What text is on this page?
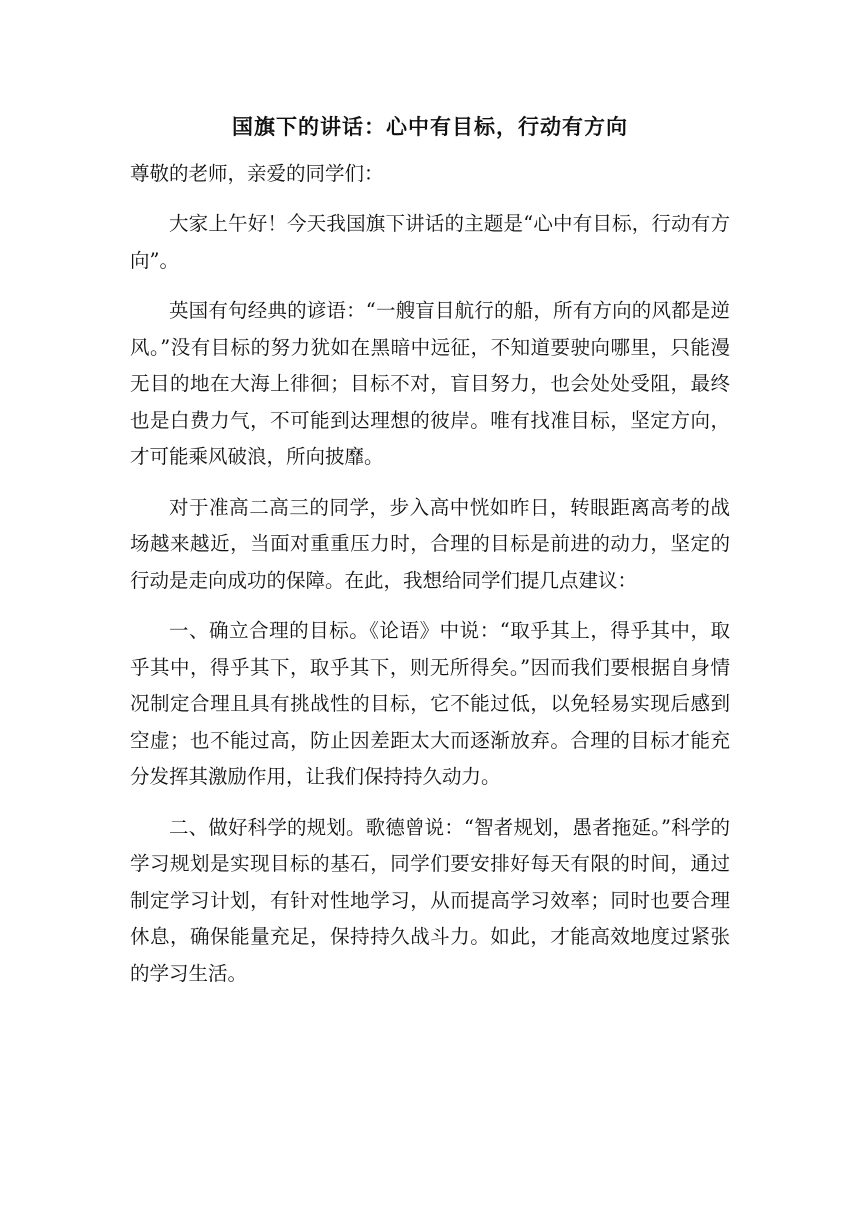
国旗下的讲话：心中有目标，行动有方向

尊敬的老师，亲爱的同学们：

大家上午好！今天我国旗下讲话的主题是“心中有目标，行动有方向”。

英国有句经典的谚语：“一艘盲目航行的船，所有方向的风都是逆风。”没有目标的努力犹如在黑暗中远征，不知道要驶向哪里，只能漫无目的地在大海上徘徊；目标不对，盲目努力，也会处处受阻，最终也是白费力气，不可能到达理想的彼岸。唯有找准目标，坚定方向，才可能乘风破浪，所向披靡。

对于准高二高三的同学，步入高中恍如昨日，转眼距离高考的战场越来越近，当面对重重压力时，合理的目标是前进的动力，坚定的行动是走向成功的保障。在此，我想给同学们提几点建议：

一、确立合理的目标。《论语》中说：“取乎其上，得乎其中，取乎其中，得乎其下，取乎其下，则无所得矣。”因而我们要根据自身情况制定合理且具有挑战性的目标，它不能过低，以免轻易实现后感到空虚；也不能过高，防止因差距太大而逐渐放弃。合理的目标才能充分发挥其激励作用，让我们保持持久动力。

二、做好科学的规划。歌德曾说：“智者规划，愚者拖延。”科学的学习规划是实现目标的基石，同学们要安排好每天有限的时间，通过制定学习计划，有针对性地学习，从而提高学习效率；同时也要合理休息，确保能量充足，保持持久战斗力。如此，才能高效地度过紧张的学习生活。
